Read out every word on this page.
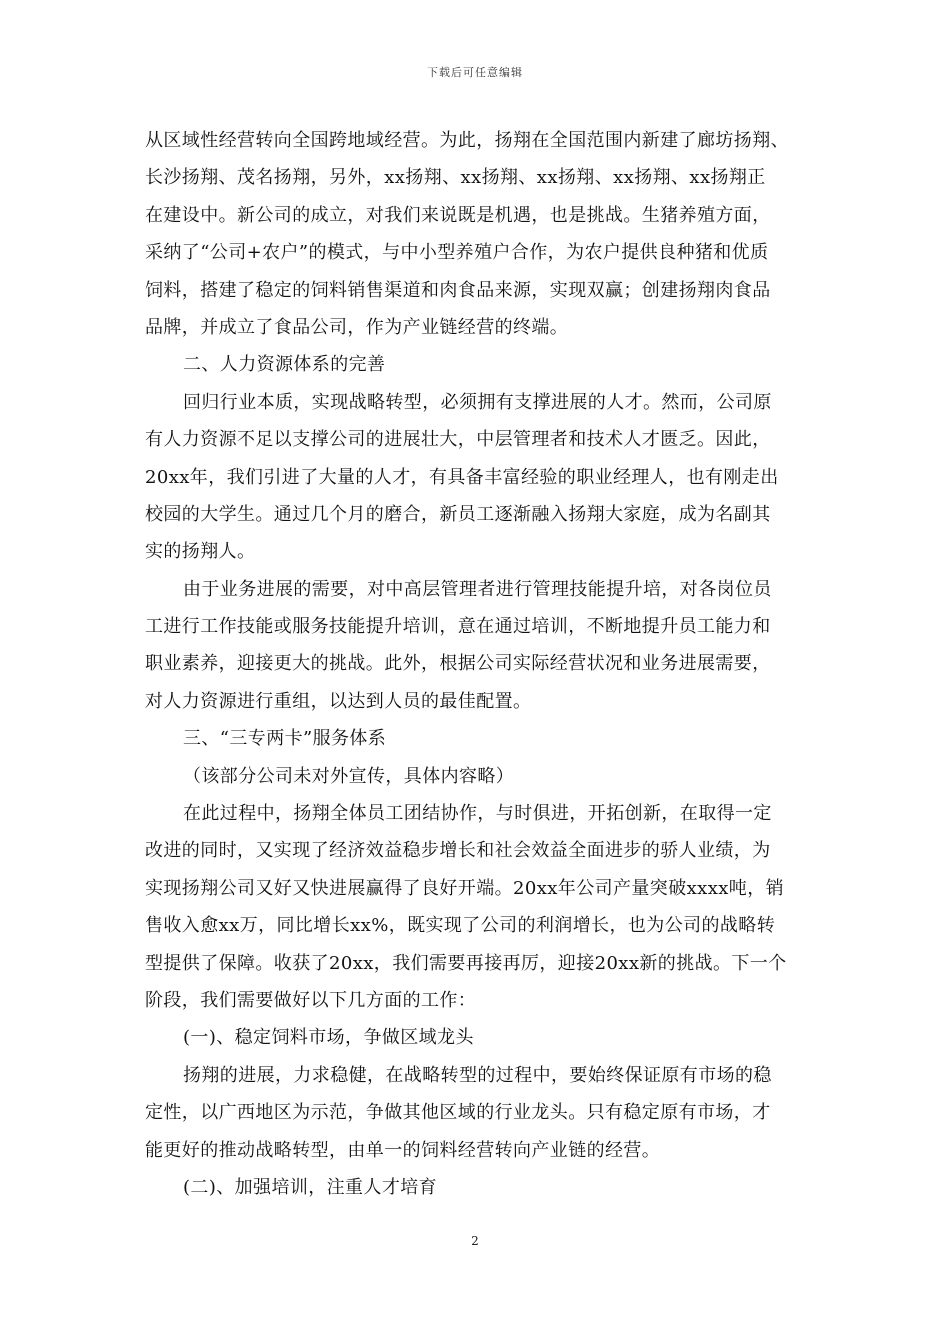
下载后可任意编辑
从区域性经营转向全国跨地域经营。为此，扬翔在全国范围内新建了廊坊扬翔、
长沙扬翔、茂名扬翔，另外，xx扬翔、xx扬翔、xx扬翔、xx扬翔、xx扬翔正
在建设中。新公司的成立，对我们来说既是机遇，也是挑战。生猪养殖方面，
采纳了“公司+农户”的模式，与中小型养殖户合作，为农户提供良种猪和优质
饲料，搭建了稳定的饲料销售渠道和肉食品来源，实现双赢；创建扬翔肉食品
品牌，并成立了食品公司，作为产业链经营的终端。
二、人力资源体系的完善
回归行业本质，实现战略转型，必须拥有支撑进展的人才。然而，公司原
有人力资源不足以支撑公司的进展壮大，中层管理者和技术人才匮乏。因此，
20xx年，我们引进了大量的人才，有具备丰富经验的职业经理人，也有刚走出
校园的大学生。通过几个月的磨合，新员工逐渐融入扬翔大家庭，成为名副其
实的扬翔人。
由于业务进展的需要，对中高层管理者进行管理技能提升培，对各岗位员
工进行工作技能或服务技能提升培训，意在通过培训，不断地提升员工能力和
职业素养，迎接更大的挑战。此外，根据公司实际经营状况和业务进展需要，
对人力资源进行重组，以达到人员的最佳配置。
三、“三专两卡”服务体系
（该部分公司未对外宣传，具体内容略）
在此过程中，扬翔全体员工团结协作，与时俱进，开拓创新，在取得一定
改进的同时，又实现了经济效益稳步增长和社会效益全面进步的骄人业绩，为
实现扬翔公司又好又快进展赢得了良好开端。20xx年公司产量突破xxxx吨，销
售收入愈xx万，同比增长xx%，既实现了公司的利润增长，也为公司的战略转
型提供了保障。收获了20xx，我们需要再接再厉，迎接20xx新的挑战。下一个
阶段，我们需要做好以下几方面的工作：
(一)、稳定饲料市场，争做区域龙头
扬翔的进展，力求稳健，在战略转型的过程中，要始终保证原有市场的稳
定性，以广西地区为示范，争做其他区域的行业龙头。只有稳定原有市场，才
能更好的推动战略转型，由单一的饲料经营转向产业链的经营。
(二)、加强培训，注重人才培育
2
